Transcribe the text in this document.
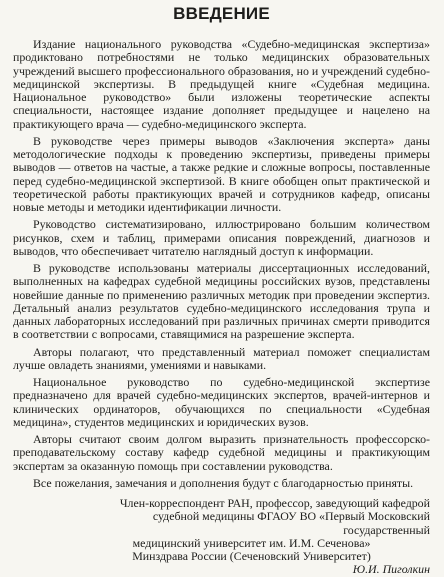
ВВЕДЕНИЕ

Издание национального руководства «Судебно-медицинская экспертиза» продиктовано потребностями не только медицинских образовательных учреждений высшего профессионального образования, но и учреждений судебно-медицинской экспертизы. В предыдущей книге «Судебная медицина. Национальное руководство» были изложены теоретические аспекты специальности, настоящее издание дополняет предыдущее и нацелено на практикующего врача — судебно-медицинского эксперта.

В руководстве через примеры выводов «Заключения эксперта» даны методологические подходы к проведению экспертизы, приведены примеры выводов — ответов на частые, а также редкие и сложные вопросы, поставленные перед судебно-медицинской экспертизой. В книге обобщен опыт практической и теоретической работы практикующих врачей и сотрудников кафедр, описаны новые методы и методики идентификации личности.

Руководство систематизировано, иллюстрировано большим количеством рисунков, схем и таблиц, примерами описания повреждений, диагнозов и выводов, что обеспечивает читателю наглядный доступ к информации.

В руководстве использованы материалы диссертационных исследований, выполненных на кафедрах судебной медицины российских вузов, представлены новейшие данные по применению различных методик при проведении экспертиз. Детальный анализ результатов судебно-медицинского исследования трупа и данных лабораторных исследований при различных причинах смерти приводится в соответствии с вопросами, ставящимися на разрешение эксперта.

Авторы полагают, что представленный материал поможет специалистам лучше овладеть знаниями, умениями и навыками.

Национальное руководство по судебно-медицинской экспертизе предназначено для врачей судебно-медицинских экспертов, врачей-интернов и клинических ординаторов, обучающихся по специальности «Судебная медицина», студентов медицинских и юридических вузов.

Авторы считают своим долгом выразить признательность профессорско-преподавательскому составу кафедр судебной медицины и практикующим экспертам за оказанную помощь при составлении руководства.

Все пожелания, замечания и дополнения будут с благодарностью приняты.

Член-корреспондент РАН, профессор, заведующий кафедрой
судебной медицины ФГАОУ ВО «Первый Московский государственный
медицинский университет им. И.М. Сеченова»
Минздрава России (Сеченовский Университет)
Ю.И. Пиголкин
